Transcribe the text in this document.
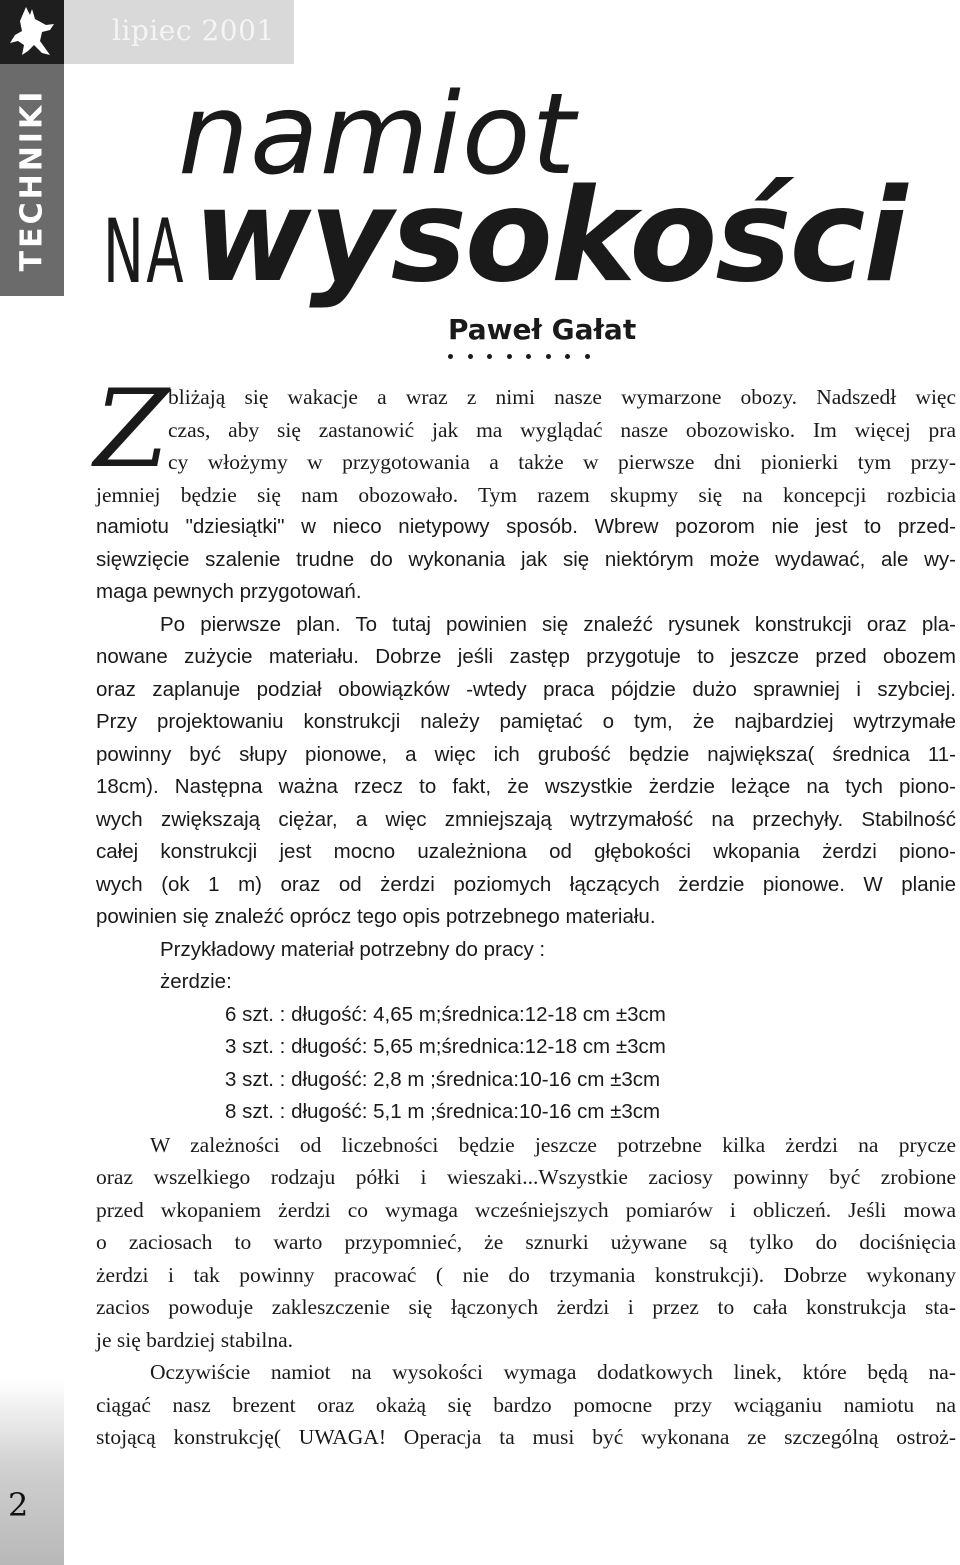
TECHNIKI
lipiec 2001
namiot
NA wysokości
Paweł Gałat
Z
bliżają się wakacje a wraz z nimi nasze wymarzone obozy. Nadszedł więc
czas, aby się zastanowić jak ma wyglądać nasze obozowisko. Im więcej pra
cy włożymy w przygotowania a także w pierwsze dni pionierki tym przy-
jemniej będzie się nam obozowało. Tym razem skupmy się na koncepcji rozbicia
namiotu "dziesiątki" w nieco nietypowy sposób. Wbrew pozorom nie jest to przed-
sięwzięcie szalenie trudne do wykonania jak się niektórym może wydawać, ale wy-
maga pewnych przygotowań.
Po pierwsze plan. To tutaj powinien się znaleźć rysunek konstrukcji oraz pla-
nowane zużycie materiału. Dobrze jeśli zastęp przygotuje to jeszcze przed obozem
oraz zaplanuje podział obowiązków -wtedy praca pójdzie dużo sprawniej i szybciej.
Przy projektowaniu konstrukcji należy pamiętać o tym, że najbardziej wytrzymałe
powinny być słupy pionowe, a więc ich grubość będzie największa( średnica 11-
18cm). Następna ważna rzecz to fakt, że wszystkie żerdzie leżące na tych piono-
wych zwiększają ciężar, a więc zmniejszają wytrzymałość na przechyły. Stabilność
całej konstrukcji jest mocno uzależniona od głębokości wkopania żerdzi piono-
wych (ok 1 m) oraz od żerdzi poziomych łączących żerdzie pionowe. W planie
powinien się znaleźć oprócz tego opis potrzebnego materiału.
Przykładowy materiał potrzebny do pracy :
żerdzie:
6 szt. : długość: 4,65 m;średnica:12-18 cm ±3cm
3 szt. : długość: 5,65 m;średnica:12-18 cm ±3cm
3 szt. : długość: 2,8 m ;średnica:10-16 cm ±3cm
8 szt. : długość: 5,1 m ;średnica:10-16 cm ±3cm
W zależności od liczebności będzie jeszcze potrzebne kilka żerdzi na prycze
oraz wszelkiego rodzaju półki i wieszaki...Wszystkie zaciosy powinny być zrobione
przed wkopaniem żerdzi co wymaga wcześniejszych pomiarów i obliczeń. Jeśli mowa
o zaciosach to warto przypomnieć, że sznurki używane są tylko do dociśnięcia
żerdzi i tak powinny pracować ( nie do trzymania konstrukcji). Dobrze wykonany
zacios powoduje zakleszczenie się łączonych żerdzi i przez to cała konstrukcja sta-
je się bardziej stabilna.
Oczywiście namiot na wysokości wymaga dodatkowych linek, które będą na-
ciągać nasz brezent oraz okażą się bardzo pomocne przy wciąganiu namiotu na
stojącą konstrukcję( UWAGA! Operacja ta musi być wykonana ze szczególną ostroż-
2
